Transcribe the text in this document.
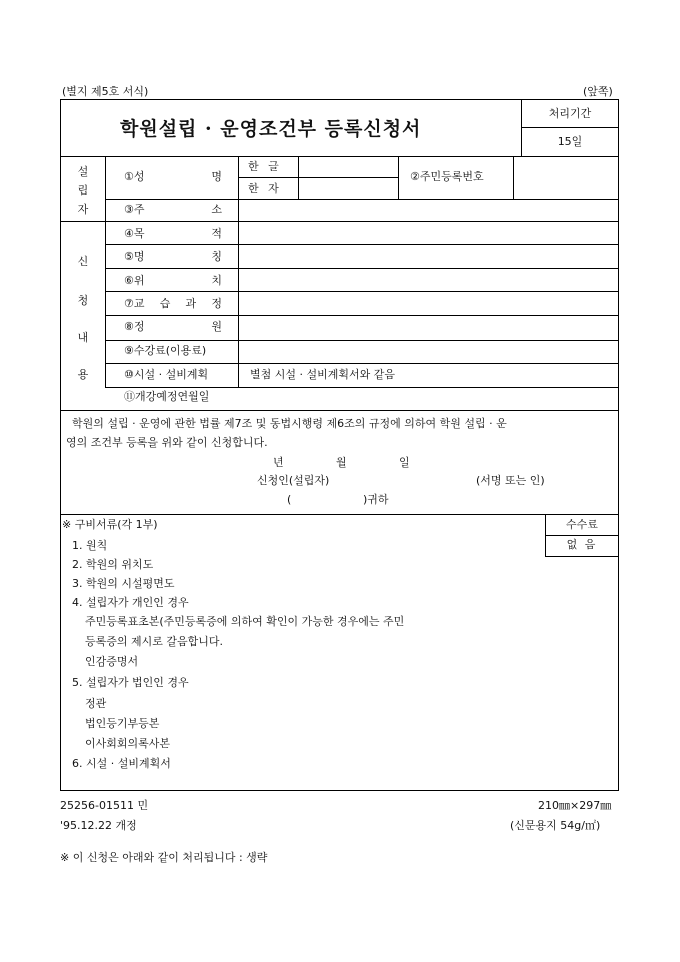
(별지 제5호 서식)	(앞쪽)
학원설립 · 운영조건부 등록신청서
처리기간
15일
설
립
자
①성	명
한 글
한 자
②주민등록번호
③주	소
신
청
내
용
④목	적
⑤명	칭
⑥위	치
⑦교 습 과 정
⑧정	원
⑨수강료(이용료)
⑩시설 · 설비계획	별첨 시설 · 설비계획서와 같음
⑪개강예정연월일
학원의 설립 · 운영에 관한 법률 제7조 및 동법시행령 제6조의 규정에 의하여 학원 설립 · 운
영의 조건부 등록을 위와 같이 신청합니다.
년	월	일
신청인(설립자)	(서명 또는 인)
(	)귀하
※ 구비서류(각 1부)	수수료
없 음
1. 원칙
2. 학원의 위치도
3. 학원의 시설평면도
4. 설립자가 개인인 경우
주민등록표초본(주민등록증에 의하여 확인이 가능한 경우에는 주민
등록증의 제시로 갈음합니다.
인감증명서
5. 설립자가 법인인 경우
정관
법인등기부등본
이사회회의록사본
6. 시설 · 설비계획서
25256-01511 민	210㎜×297㎜
'95.12.22 개정	(신문용지 54g/㎡)
※ 이 신청은 아래와 같이 처리됩니다 : 생략
